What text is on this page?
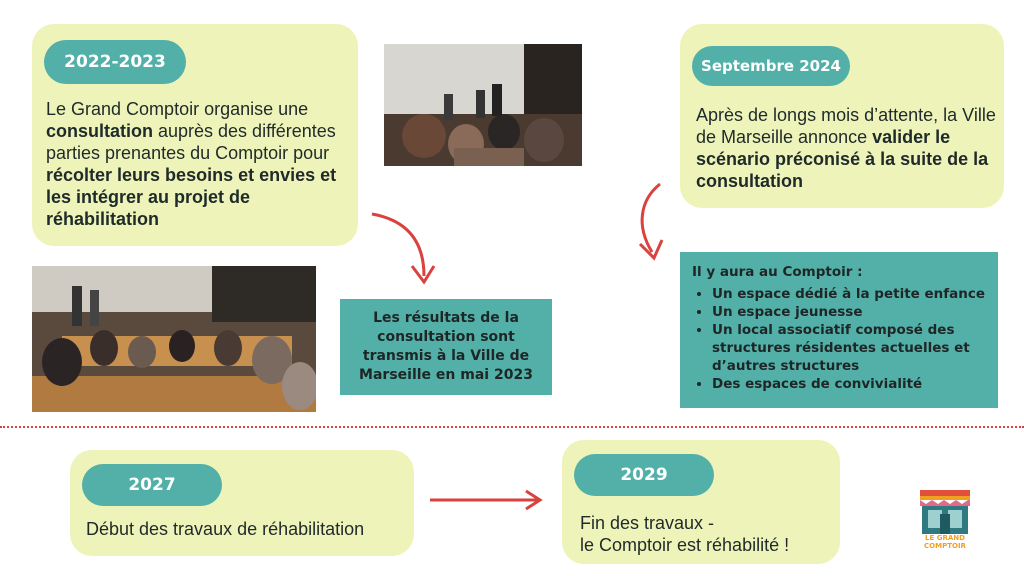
2022-2023
Le Grand Comptoir organise une consultation auprès des différentes parties prenantes du Comptoir pour récolter leurs besoins et envies et les intégrer au projet de réhabilitation
Septembre 2024
Après de longs mois d’attente, la Ville de Marseille annonce valider le scénario préconisé à la suite de la consultation
Les résultats de la consultation sont transmis à la Ville de Marseille en mai 2023
Il y aura au Comptoir :
• Un espace dédié à la petite enfance
• Un espace jeunesse
• Un local associatif composé des structures résidentes actuelles et d’autres structures
• Des espaces de convivialité
2027
Début des travaux de réhabilitation
2029
Fin des travaux -
le Comptoir est réhabilité !	LE GRAND
COMPTOIR
